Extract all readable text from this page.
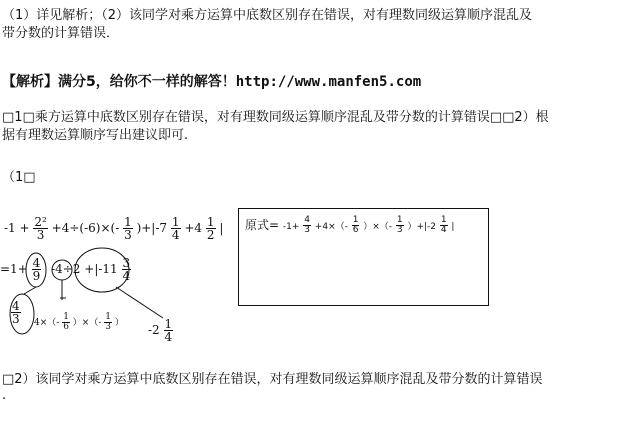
（1）详见解析；（2）该同学对乘方运算中底数区别存在错误，对有理数同级运算顺序混乱及
带分数的计算错误．
【解析】满分5，给你不一样的解答！http://www.manfen5.com
□1□乘方运算中底数区别存在错误，对有理数同级运算顺序混乱及带分数的计算错误□□2）根
据有理数运算顺序写出建议即可.
（1□
$-1 + \frac{\text{2²}}{3} +4\div(-6)\times(- \frac{1}{3} )+|-7 \frac{1}{4} +4 \frac{1}{2}$ |
$=1+ \frac{4}{9} -4\div 2 +|-11 \frac{3}{4}$
$\frac{4}{3} 4\times(- \frac{1}{6}$ ）×（- $\frac{1}{3}$ ） $-2 \frac{1}{4}$
原式= $-1+ \frac{4}{3} +4\times(- \frac{1}{6}$ ）×（- $\frac{1}{3} )+|-2 \frac{1}{4}$ |
□2）该同学对乘方运算中底数区别存在错误，对有理数同级运算顺序混乱及带分数的计算错误
.
